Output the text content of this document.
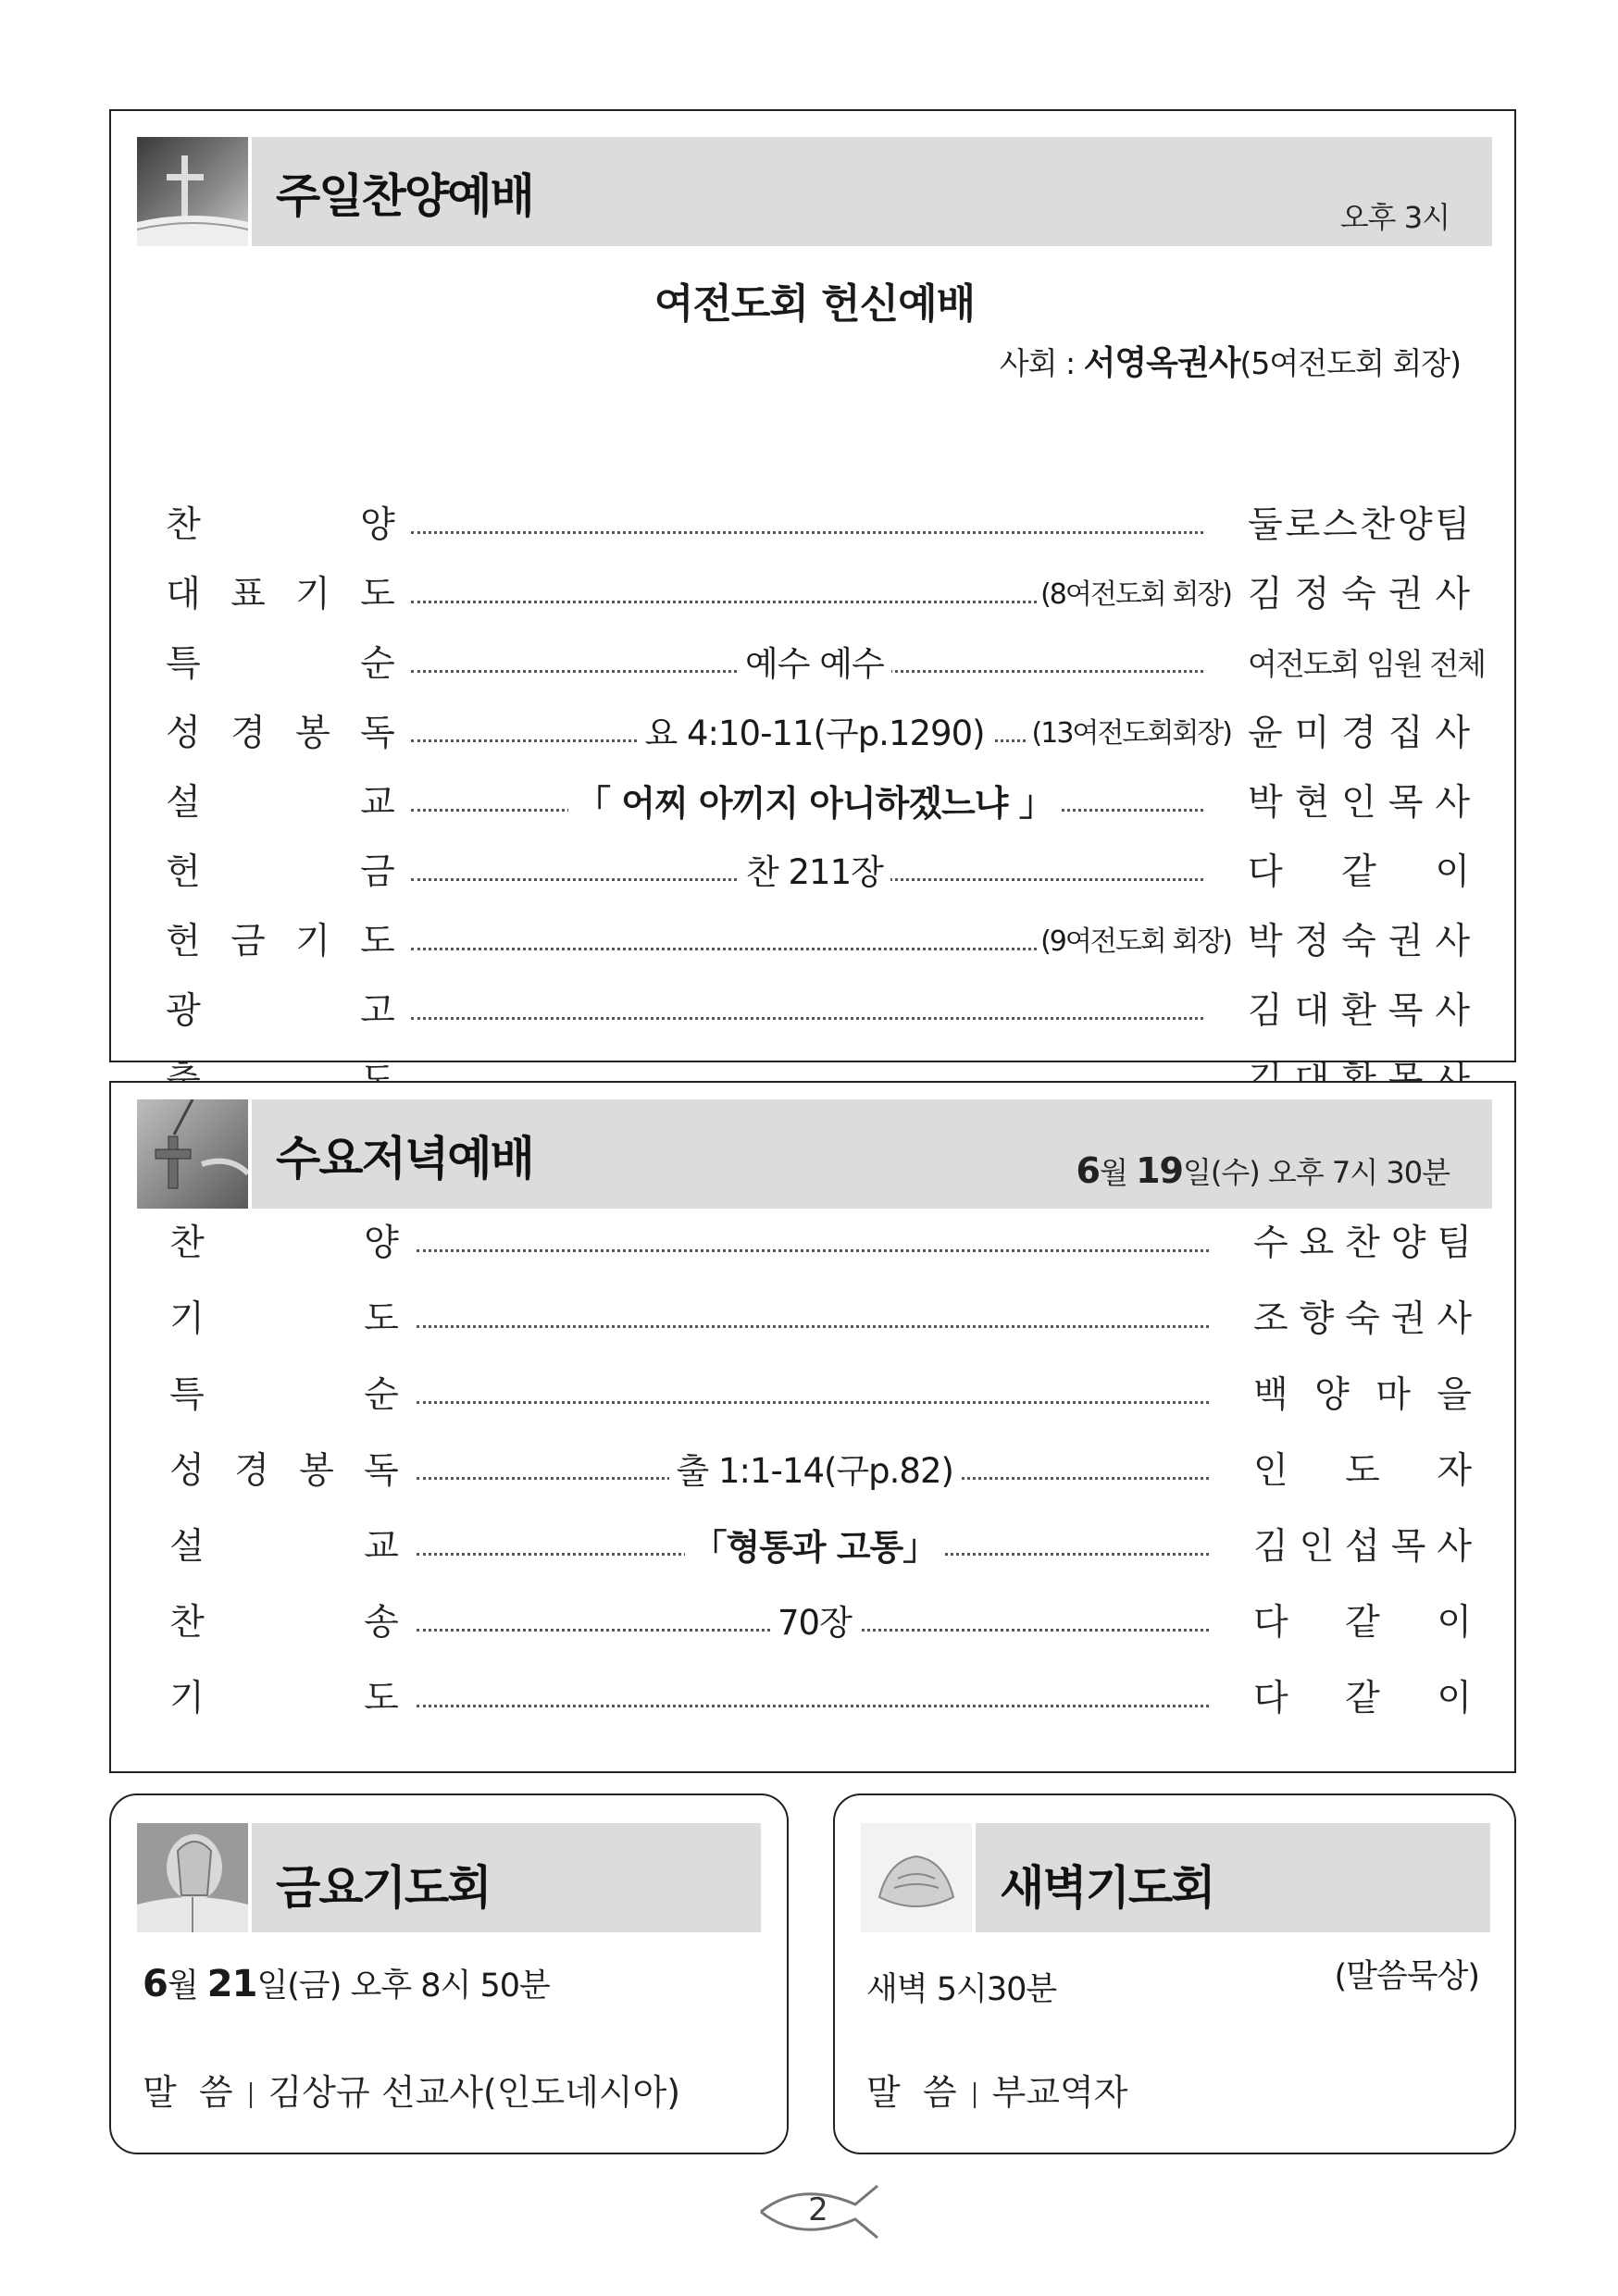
주일찬양예배	오후 3시
여전도회 헌신예배
사회 : 서영옥권사(5여전도회 회장)
찬	양	둘 로 스 찬 양 팀
대 표 기 도	(8여전도회 회장) 김 정 숙 권 사
특	순	예수 예수	여전도회 임원 전체
성 경 봉 독	요 4:10-11(구p.1290) (13여전도회회장) 윤 미 경 집 사
설	교	「 어찌 아끼지 아니하겠느냐 」	박 현 인 목 사
헌	금	찬 211장	다 같 이
헌 금 기 도	(9여전도회 회장) 박 정 숙 권 사
광	고	김 대 환 목 사
수요저녁예배	6월 19일(수) 오후 7시 30분
찬	양	수 요 찬 양 팀
기	도	조 향 숙 권 사
특	순	백 양 마 을
성 경 봉 독	출 1:1-14(구p.82)	인 도 자
설	교	「형통과 고통」	김 인 섭 목 사
찬	송	70장	다 같 이
기	도	다 같 이
금요기도회
6월 21일(금) 오후 8시 50분
말  씀 김상규 선교사(인도네시아)
새벽기도회
새벽 5시30분	(말씀묵상)
말  씀 부교역자
2
